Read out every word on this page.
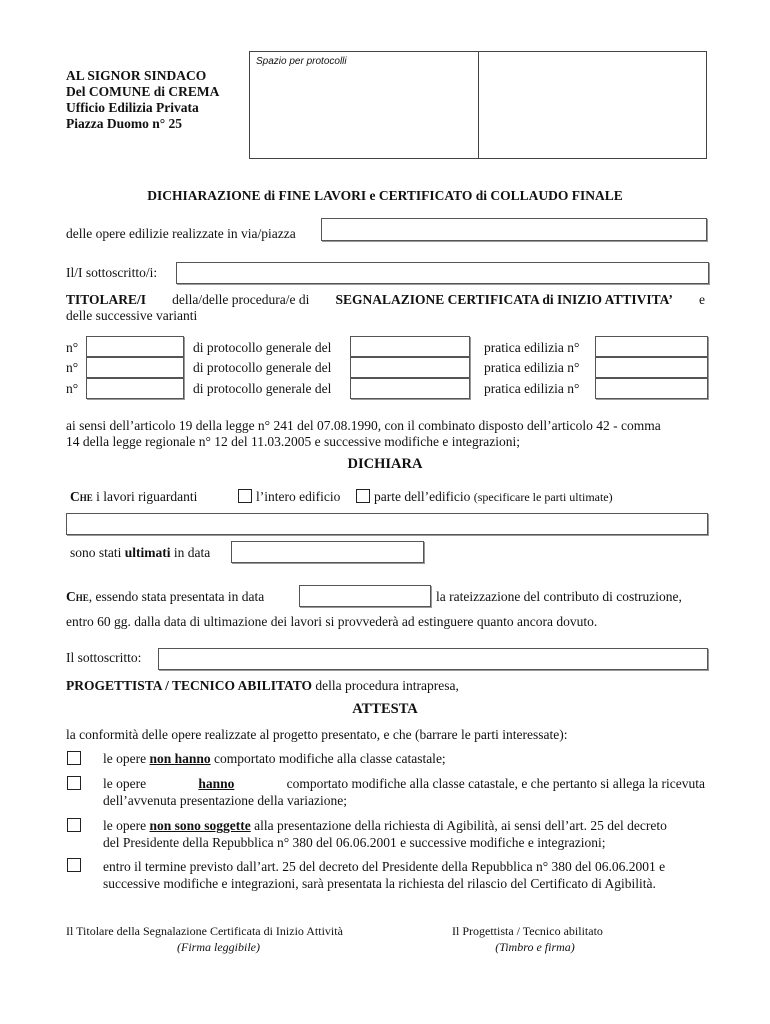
AL SIGNOR SINDACO
Del COMUNE di CREMA
Ufficio Edilizia Privata
Piazza Duomo n° 25
Spazio per protocolli
DICHIARAZIONE di FINE LAVORI e CERTIFICATO di COLLAUDO FINALE
delle opere edilizie realizzate in via/piazza
Il/I sottoscritto/i:
TITOLARE/I della/delle procedura/e di SEGNALAZIONE CERTIFICATA di INIZIO ATTIVITA’ e
delle successive varianti
n°	di protocollo generale del	pratica edilizia n°
n°	di protocollo generale del	pratica edilizia n°
n°	di protocollo generale del	pratica edilizia n°
ai sensi dell’articolo 19 della legge n° 241 del 07.08.1990, con il combinato disposto dell’articolo 42 - comma
14 della legge regionale n° 12 del 11.03.2005 e successive modifiche e integrazioni;
DICHIARA
Che i lavori riguardanti	l’intero edificio parte dell’edificio (specificare le parti ultimate)
sono stati ultimati in data
Che, essendo stata presentata in data	la rateizzazione del contributo di costruzione,
entro 60 gg. dalla data di ultimazione dei lavori si provvederà ad estinguere quanto ancora dovuto.
Il sottoscritto:
PROGETTISTA / TECNICO ABILITATO della procedura intrapresa,
ATTESTA
la conformità delle opere realizzate al progetto presentato, e che (barrare le parti interessate):
le opere non hanno comportato modifiche alla classe catastale;
le opere	hanno	comportato modifiche alla classe catastale, e che pertanto si allega la ricevuta
dell’avvenuta presentazione della variazione;
le opere non sono soggette alla presentazione della richiesta di Agibilità, ai sensi dell’art. 25 del decreto
del Presidente della Repubblica n° 380 del 06.06.2001 e successive modifiche e integrazioni;
entro il termine previsto dall’art. 25 del decreto del Presidente della Repubblica n° 380 del 06.06.2001 e
successive modifiche e integrazioni, sarà presentata la richiesta del rilascio del Certificato di Agibilità.
Il Titolare della Segnalazione Certificata di Inizio Attività
(Firma leggibile)
Il Progettista / Tecnico abilitato
(Timbro e firma)
